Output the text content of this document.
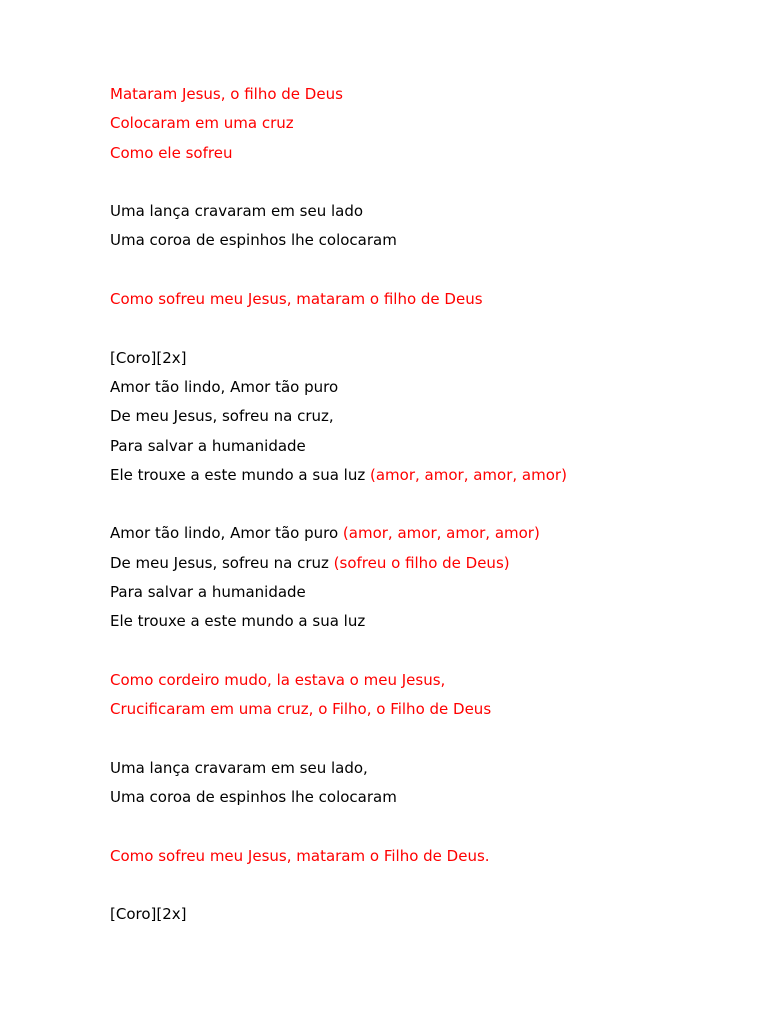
Mataram Jesus, o filho de Deus
Colocaram em uma cruz
Como ele sofreu
Uma lança cravaram em seu lado
Uma coroa de espinhos lhe colocaram
Como sofreu meu Jesus, mataram o filho de Deus
[Coro][2x]
Amor tão lindo, Amor tão puro
De meu Jesus, sofreu na cruz,
Para salvar a humanidade
Ele trouxe a este mundo a sua luz (amor, amor, amor, amor)
Amor tão lindo, Amor tão puro (amor, amor, amor, amor)
De meu Jesus, sofreu na cruz (sofreu o filho de Deus)
Para salvar a humanidade
Ele trouxe a este mundo a sua luz
Como cordeiro mudo, la estava o meu Jesus,
Crucificaram em uma cruz, o Filho, o Filho de Deus
Uma lança cravaram em seu lado,
Uma coroa de espinhos lhe colocaram
Como sofreu meu Jesus, mataram o Filho de Deus.
[Coro][2x]
